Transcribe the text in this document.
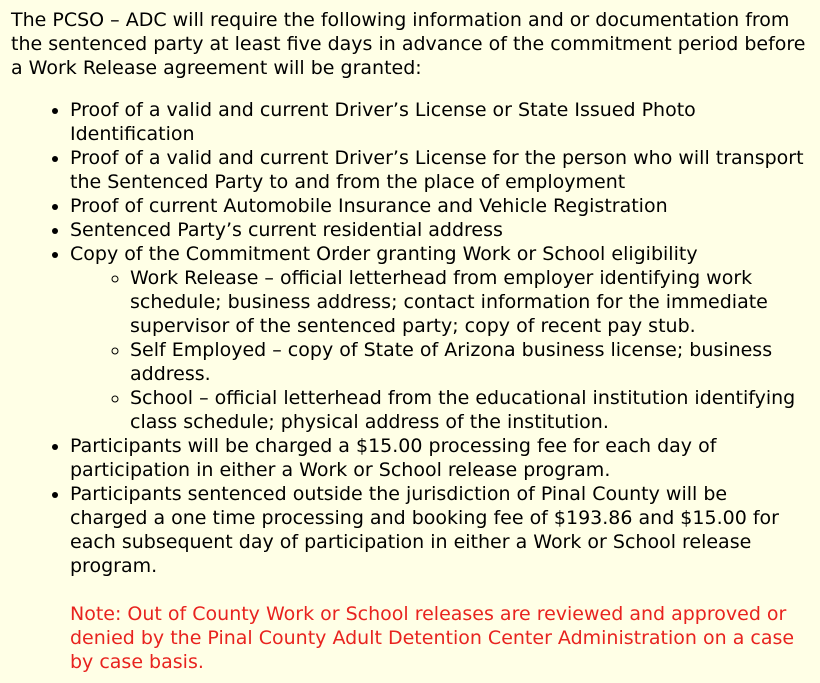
The PCSO – ADC will require the following information and or documentation from the sentenced party at least five days in advance of the commitment period before a Work Release agreement will be granted:

• Proof of a valid and current Driver’s License or State Issued Photo Identification
• Proof of a valid and current Driver’s License for the person who will transport the Sentenced Party to and from the place of employment
• Proof of current Automobile Insurance and Vehicle Registration
• Sentenced Party’s current residential address
• Copy of the Commitment Order granting Work or School eligibility
◦ Work Release – official letterhead from employer identifying work schedule; business address; contact information for the immediate supervisor of the sentenced party; copy of recent pay stub.
◦ Self Employed – copy of State of Arizona business license; business address.
◦ School – official letterhead from the educational institution identifying class schedule; physical address of the institution.
• Participants will be charged a $15.00 processing fee for each day of participation in either a Work or School release program.
• Participants sentenced outside the jurisdiction of Pinal County will be charged a one time processing and booking fee of $193.86 and $15.00 for each subsequent day of participation in either a Work or School release program.

Note: Out of County Work or School releases are reviewed and approved or denied by the Pinal County Adult Detention Center Administration on a case by case basis.
